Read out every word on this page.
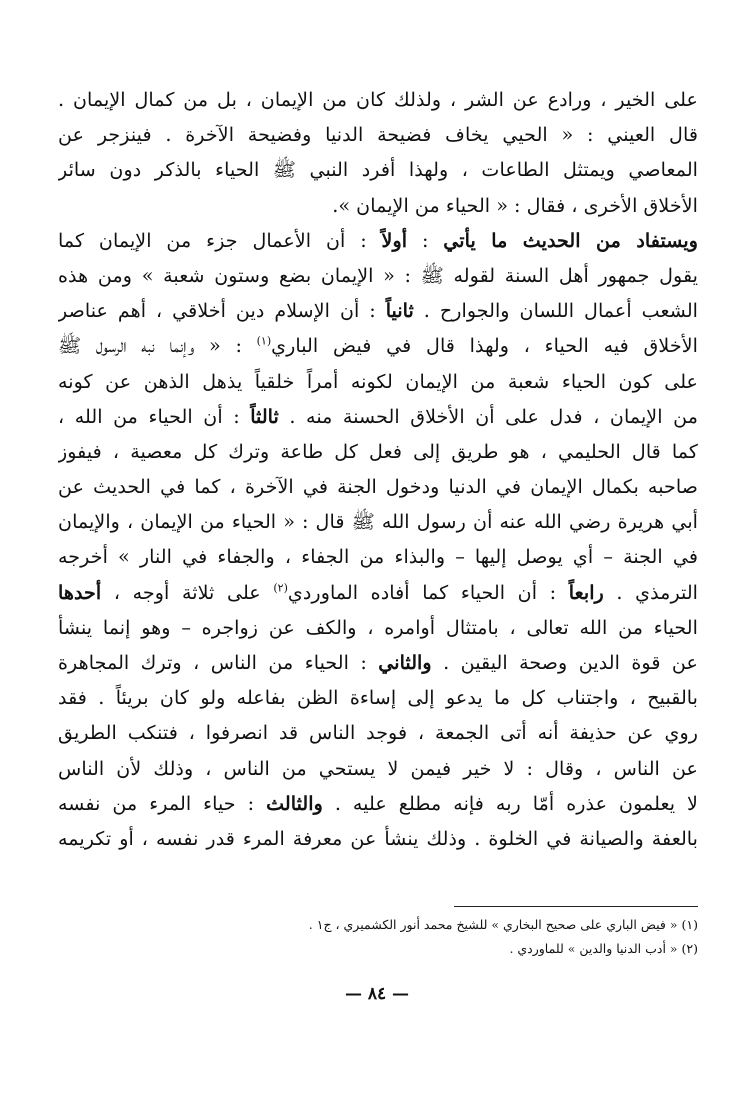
على الخير ، ورادع عن الشر ، ولذلك كان من الإيمان ، بل من كمال الإيمان .
قال العيني : « الحيي يخاف فضيحة الدنيا وفضيحة الآخرة . فينزجر عن
المعاصي ويمتثل الطاعات ، ولهذا أفرد النبي ﷺ الحياء بالذكر دون سائر
الأخلاق الأخرى ، فقال : « الحياء من الإيمان ».
ويستفاد من الحديث ما يأتي : أولاً : أن الأعمال جزء من الإيمان كما
يقول جمهور أهل السنة لقوله ﷺ : « الإيمان بضع وستون شعبة » ومن هذه
الشعب أعمال اللسان والجوارح . ثانياً : أن الإسلام دين أخلاقي ، أهم عناصر
الأخلاق فيه الحياء ، ولهذا قال في فيض الباري$^{(١)}$ : « وإنما نبه الرسول ﷺ
على كون الحياء شعبة من الإيمان لكونه أمراً خلقياً يذهل الذهن عن كونه
من الإيمان ، فدل على أن الأخلاق الحسنة منه . ثالثاً : أن الحياء من الله ،
كما قال الحليمي ، هو طريق إلى فعل كل طاعة وترك كل معصية ، فيفوز
صاحبه بكمال الإيمان في الدنيا ودخول الجنة في الآخرة ، كما في الحديث عن
أبي هريرة رضي الله عنه أن رسول الله ﷺ قال : « الحياء من الإيمان ، والإيمان
في الجنة – أي يوصل إليها – والبذاء من الجفاء ، والجفاء في النار » أخرجه
الترمذي . رابعاً : أن الحياء كما أفاده الماوردي$^{(٢)}$ على ثلاثة أوجه ، أحدها
الحياء من الله تعالى ، بامتثال أوامره ، والكف عن زواجره – وهو إنما ينشأ
عن قوة الدين وصحة اليقين . والثاني : الحياء من الناس ، وترك المجاهرة
بالقبيح ، واجتناب كل ما يدعو إلى إساءة الظن بفاعله ولو كان بريئاً . فقد
روي عن حذيفة أنه أتى الجمعة ، فوجد الناس قد انصرفوا ، فتنكب الطريق
عن الناس ، وقال : لا خير فيمن لا يستحي من الناس ، وذلك لأن الناس
لا يعلمون عذره أمّا ربه فإنه مطلع عليه . والثالث : حياء المرء من نفسه
بالعفة والصيانة في الخلوة . وذلك ينشأ عن معرفة المرء قدر نفسه ، أو تكريمه
(١) « فيض الباري على صحيح البخاري » للشيخ محمد أنور الكشميري ، ج١ .
(٢) « أدب الدنيا والدين » للماوردي .
— ٨٤ —
